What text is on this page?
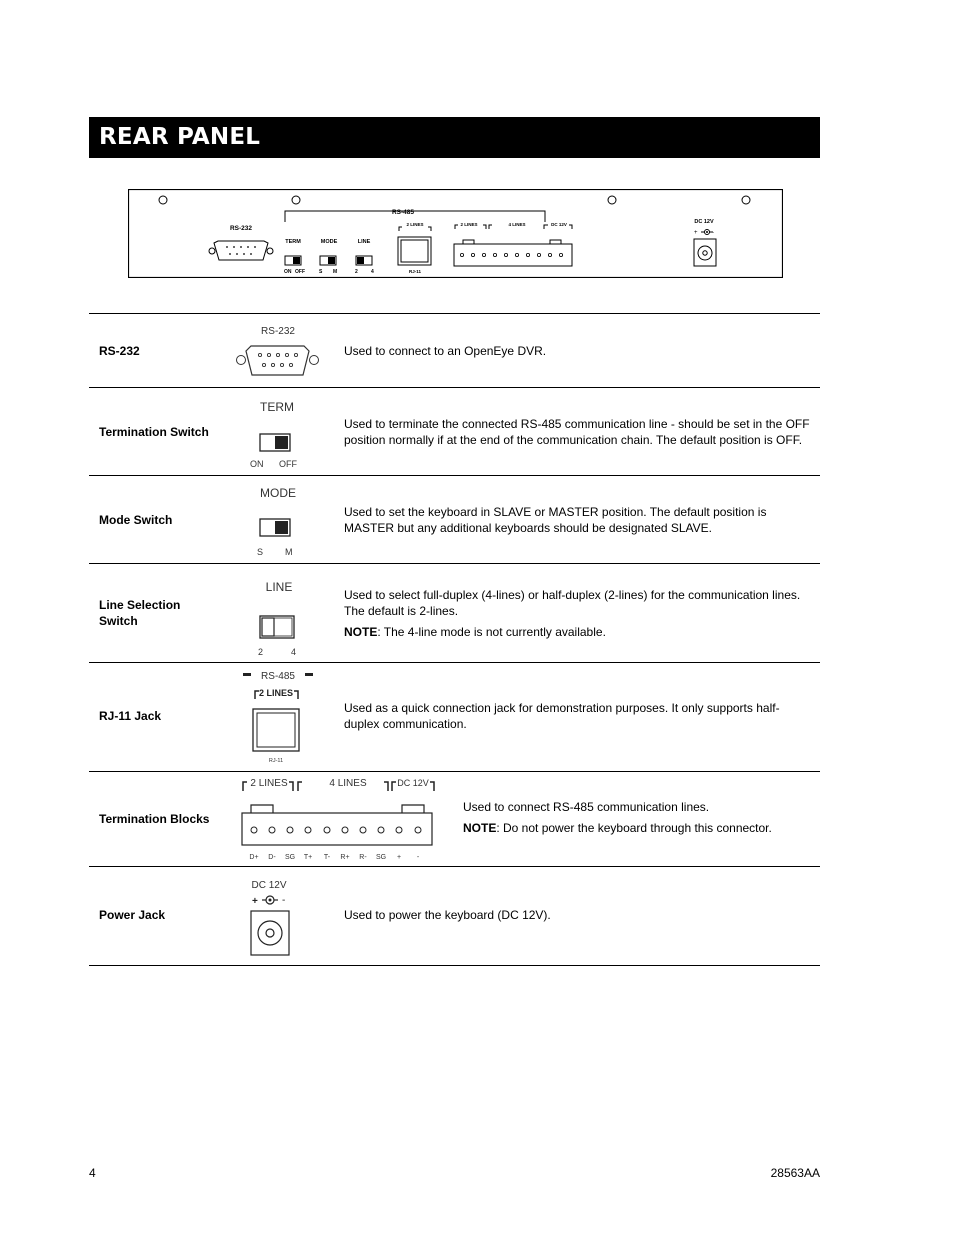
REAR PANEL
RS-485
RS-232
TERM
ON OFF
MODE
S M
LINE
2	4
2 LINES
RJ-11
2 LINES	4 LINES	DC 12V	DC 12V
+ -
RS-232
RS-232

Used to connect to an OpenEye DVR.

Termination Switch
TERM
ON OFF

Used to terminate the connected RS-485 communication line - should be set in the OFF position normally if at the end of the communication chain. The default position is OFF.

Mode Switch
MODE
S M

Used to set the keyboard in SLAVE or MASTER position. The default position is MASTER but any additional keyboards should be designated SLAVE.

Line Selection Switch
LINE
2	4

Used to select full-duplex (4-lines) or half-duplex (2-lines) for the communication lines. The default is 2-lines.

NOTE: The 4-line mode is not currently available.

RJ-11 Jack
RS-485
2 LINES
RJ-11

Used as a quick connection jack for demonstration purposes. It only supports half-duplex communication.

Termination Blocks
2 LINES	4 LINES	DC 12V
D+ D- SG T+ T- R+ R- SG + -

Used to connect RS-485 communication lines.

NOTE: Do not power the keyboard through this connector.

Power Jack
DC 12V
+ -

Used to power the keyboard (DC 12V).

4	28563AA
